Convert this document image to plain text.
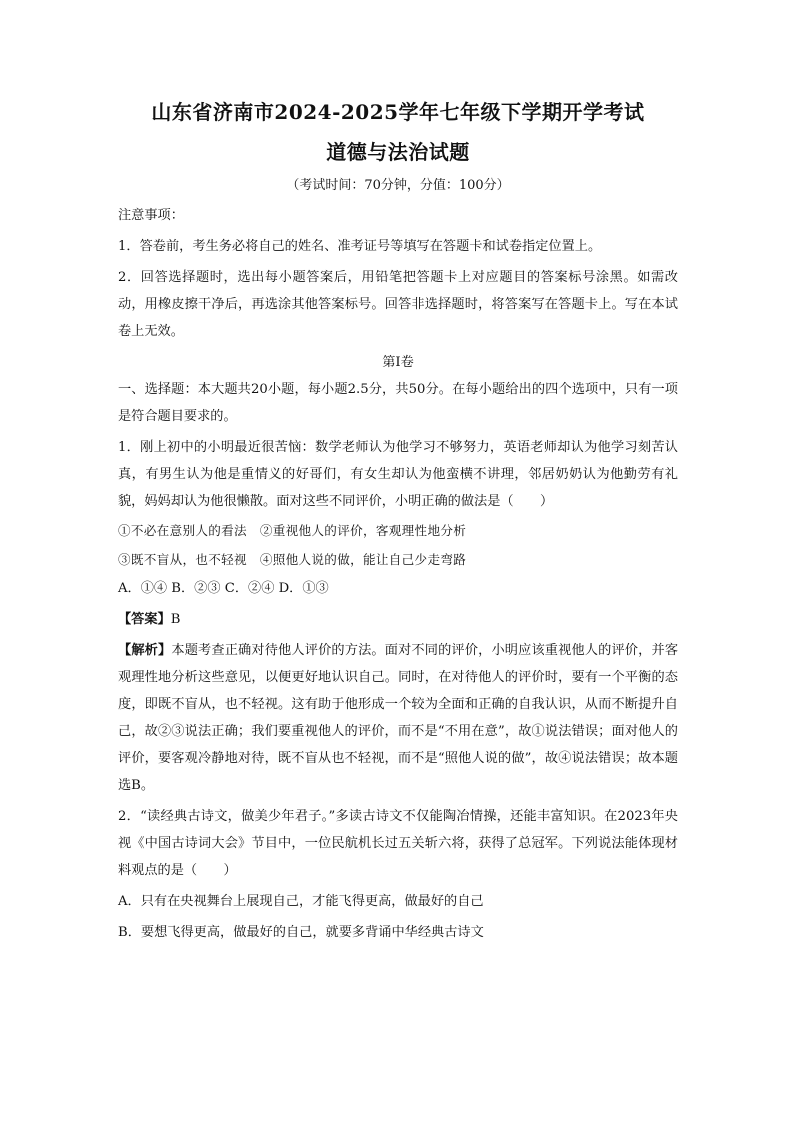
山东省济南市2024-2025学年七年级下学期开学考试
道德与法治试题
（考试时间：70分钟，分值：100分）

注意事项：

1．答卷前，考生务必将自己的姓名、准考证号等填写在答题卡和试卷指定位置上。

2．回答选择题时，选出每小题答案后，用铅笔把答题卡上对应题目的答案标号涂黑。如需改动，用橡皮擦干净后，再选涂其他答案标号。回答非选择题时，将答案写在答题卡上。写在本试卷上无效。

第Ⅰ卷

一、选择题：本大题共20小题，每小题2.5分，共50分。在每小题给出的四个选项中，只有一项是符合题目要求的。

1．刚上初中的小明最近很苦恼：数学老师认为他学习不够努力，英语老师却认为他学习刻苦认真，有男生认为他是重情义的好哥们，有女生却认为他蛮横不讲理，邻居奶奶认为他勤劳有礼貌，妈妈却认为他很懒散。面对这些不同评价，小明正确的做法是（　　）

①不必在意别人的看法　②重视他人的评价，客观理性地分析

③既不盲从，也不轻视　④照他人说的做，能让自己少走弯路

A．①④ B．②③ C．②④ D．①③

【答案】B

【解析】本题考查正确对待他人评价的方法。面对不同的评价，小明应该重视他人的评价，并客观理性地分析这些意见，以便更好地认识自己。同时，在对待他人的评价时，要有一个平衡的态度，即既不盲从，也不轻视。这有助于他形成一个较为全面和正确的自我认识，从而不断提升自己，故②③说法正确；我们要重视他人的评价，而不是“不用在意”，故①说法错误；面对他人的评价，要客观冷静地对待，既不盲从也不轻视，而不是“照他人说的做”，故④说法错误；故本题选B。

2．“读经典古诗文，做美少年君子。”多读古诗文不仅能陶冶情操，还能丰富知识。在2023年央视《中国古诗词大会》节目中，一位民航机长过五关斩六将，获得了总冠军。下列说法能体现材料观点的是（　　）

A．只有在央视舞台上展现自己，才能飞得更高，做最好的自己

B．要想飞得更高，做最好的自己，就要多背诵中华经典古诗文
